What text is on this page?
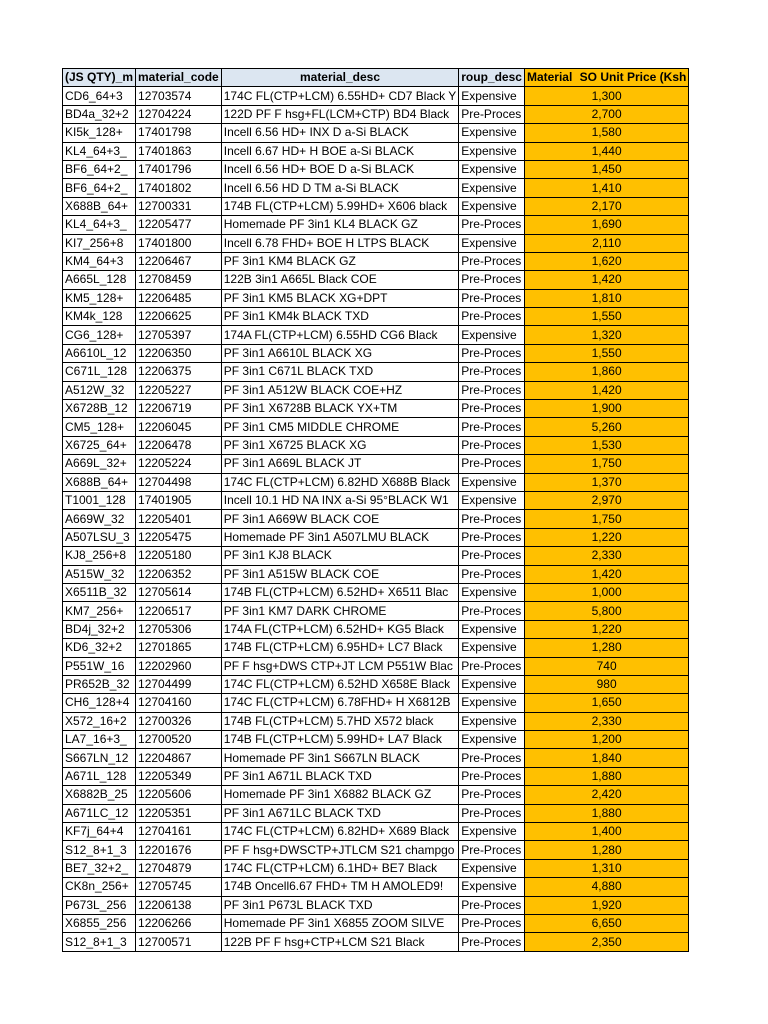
(JS QTY)_m	material_code	material_desc	roup_desc	Material SO Unit Price (Ksh
CD6_64+3	12703574	174C FL(CTP+LCM) 6.55HD+ CD7 Black Y	Expensive	1,300
BD4a_32+2	12704224	122D PF F hsg+FL(LCM+CTP) BD4 Black	Pre-Proces	2,700
KI5k_128+	17401798	Incell 6.56 HD+ INX D a-Si BLACK	Expensive	1,580
KL4_64+3_	17401863	Incell 6.67 HD+ H BOE a-Si BLACK	Expensive	1,440
BF6_64+2_	17401796	Incell 6.56 HD+ BOE D a-Si BLACK	Expensive	1,450
BF6_64+2_	17401802	Incell 6.56 HD D TM a-Si BLACK	Expensive	1,410
X688B_64+	12700331	174B FL(CTP+LCM) 5.99HD+ X606 black	Expensive	2,170
KL4_64+3_	12205477	Homemade PF 3in1 KL4 BLACK GZ	Pre-Proces	1,690
KI7_256+8	17401800	Incell 6.78 FHD+ BOE H LTPS BLACK	Expensive	2,110
KM4_64+3	12206467	PF 3in1 KM4 BLACK GZ	Pre-Proces	1,620
A665L_128	12708459	122B 3in1 A665L Black COE	Pre-Proces	1,420
KM5_128+	12206485	PF 3in1 KM5 BLACK XG+DPT	Pre-Proces	1,810
KM4k_128	12206625	PF 3in1 KM4k BLACK TXD	Pre-Proces	1,550
CG6_128+	12705397	174A FL(CTP+LCM) 6.55HD CG6 Black	Expensive	1,320
A6610L_12	12206350	PF 3in1 A6610L BLACK XG	Pre-Proces	1,550
C671L_128	12206375	PF 3in1 C671L BLACK TXD	Pre-Proces	1,860
A512W_32	12205227	PF 3in1 A512W BLACK COE+HZ	Pre-Proces	1,420
X6728B_12	12206719	PF 3in1 X6728B BLACK YX+TM	Pre-Proces	1,900
CM5_128+	12206045	PF 3in1 CM5 MIDDLE CHROME	Pre-Proces	5,260
X6725_64+	12206478	PF 3in1 X6725 BLACK XG	Pre-Proces	1,530
A669L_32+	12205224	PF 3in1 A669L BLACK JT	Pre-Proces	1,750
X688B_64+	12704498	174C FL(CTP+LCM) 6.82HD X688B Black	Expensive	1,370
T1001_128	17401905	Incell 10.1 HD NA INX a-Si 95°BLACK W1	Expensive	2,970
A669W_32	12205401	PF 3in1 A669W BLACK COE	Pre-Proces	1,750
A507LSU_3	12205475	Homemade PF 3in1 A507LMU BLACK	Pre-Proces	1,220
KJ8_256+8	12205180	PF 3in1 KJ8 BLACK	Pre-Proces	2,330
A515W_32	12206352	PF 3in1 A515W BLACK COE	Pre-Proces	1,420
X6511B_32	12705614	174B FL(CTP+LCM) 6.52HD+ X6511 Blac	Expensive	1,000
KM7_256+	12206517	PF 3in1 KM7 DARK CHROME	Pre-Proces	5,800
BD4j_32+2	12705306	174A FL(CTP+LCM) 6.52HD+ KG5 Black	Expensive	1,220
KD6_32+2	12701865	174B FL(CTP+LCM) 6.95HD+ LC7 Black	Expensive	1,280
P551W_16	12202960	PF F hsg+DWS CTP+JT LCM P551W Blac	Pre-Proces	740
PR652B_32	12704499	174C FL(CTP+LCM) 6.52HD X658E Black	Expensive	980
CH6_128+4	12704160	174C FL(CTP+LCM) 6.78FHD+ H X6812B	Expensive	1,650
X572_16+2	12700326	174B FL(CTP+LCM) 5.7HD X572 black	Expensive	2,330
LA7_16+3_	12700520	174B FL(CTP+LCM) 5.99HD+ LA7 Black	Expensive	1,200
S667LN_12	12204867	Homemade PF 3in1 S667LN BLACK	Pre-Proces	1,840
A671L_128	12205349	PF 3in1 A671L BLACK TXD	Pre-Proces	1,880
X6882B_25	12205606	Homemade PF 3in1 X6882 BLACK GZ	Pre-Proces	2,420
A671LC_12	12205351	PF 3in1 A671LC BLACK TXD	Pre-Proces	1,880
KF7j_64+4	12704161	174C FL(CTP+LCM) 6.82HD+ X689 Black	Expensive	1,400
S12_8+1_3	12201676	PF F hsg+DWSCTP+JTLCM S21 champgo	Pre-Proces	1,280
BE7_32+2_	12704879	174C FL(CTP+LCM) 6.1HD+ BE7 Black	Expensive	1,310
CK8n_256+	12705745	174B Oncell6.67 FHD+ TM H AMOLED9!	Expensive	4,880
P673L_256	12206138	PF 3in1 P673L BLACK TXD	Pre-Proces	1,920
X6855_256	12206266	Homemade PF 3in1 X6855 ZOOM SILVE	Pre-Proces	6,650
S12_8+1_3	12700571	122B PF F hsg+CTP+LCM S21 Black	Pre-Proces	2,350
